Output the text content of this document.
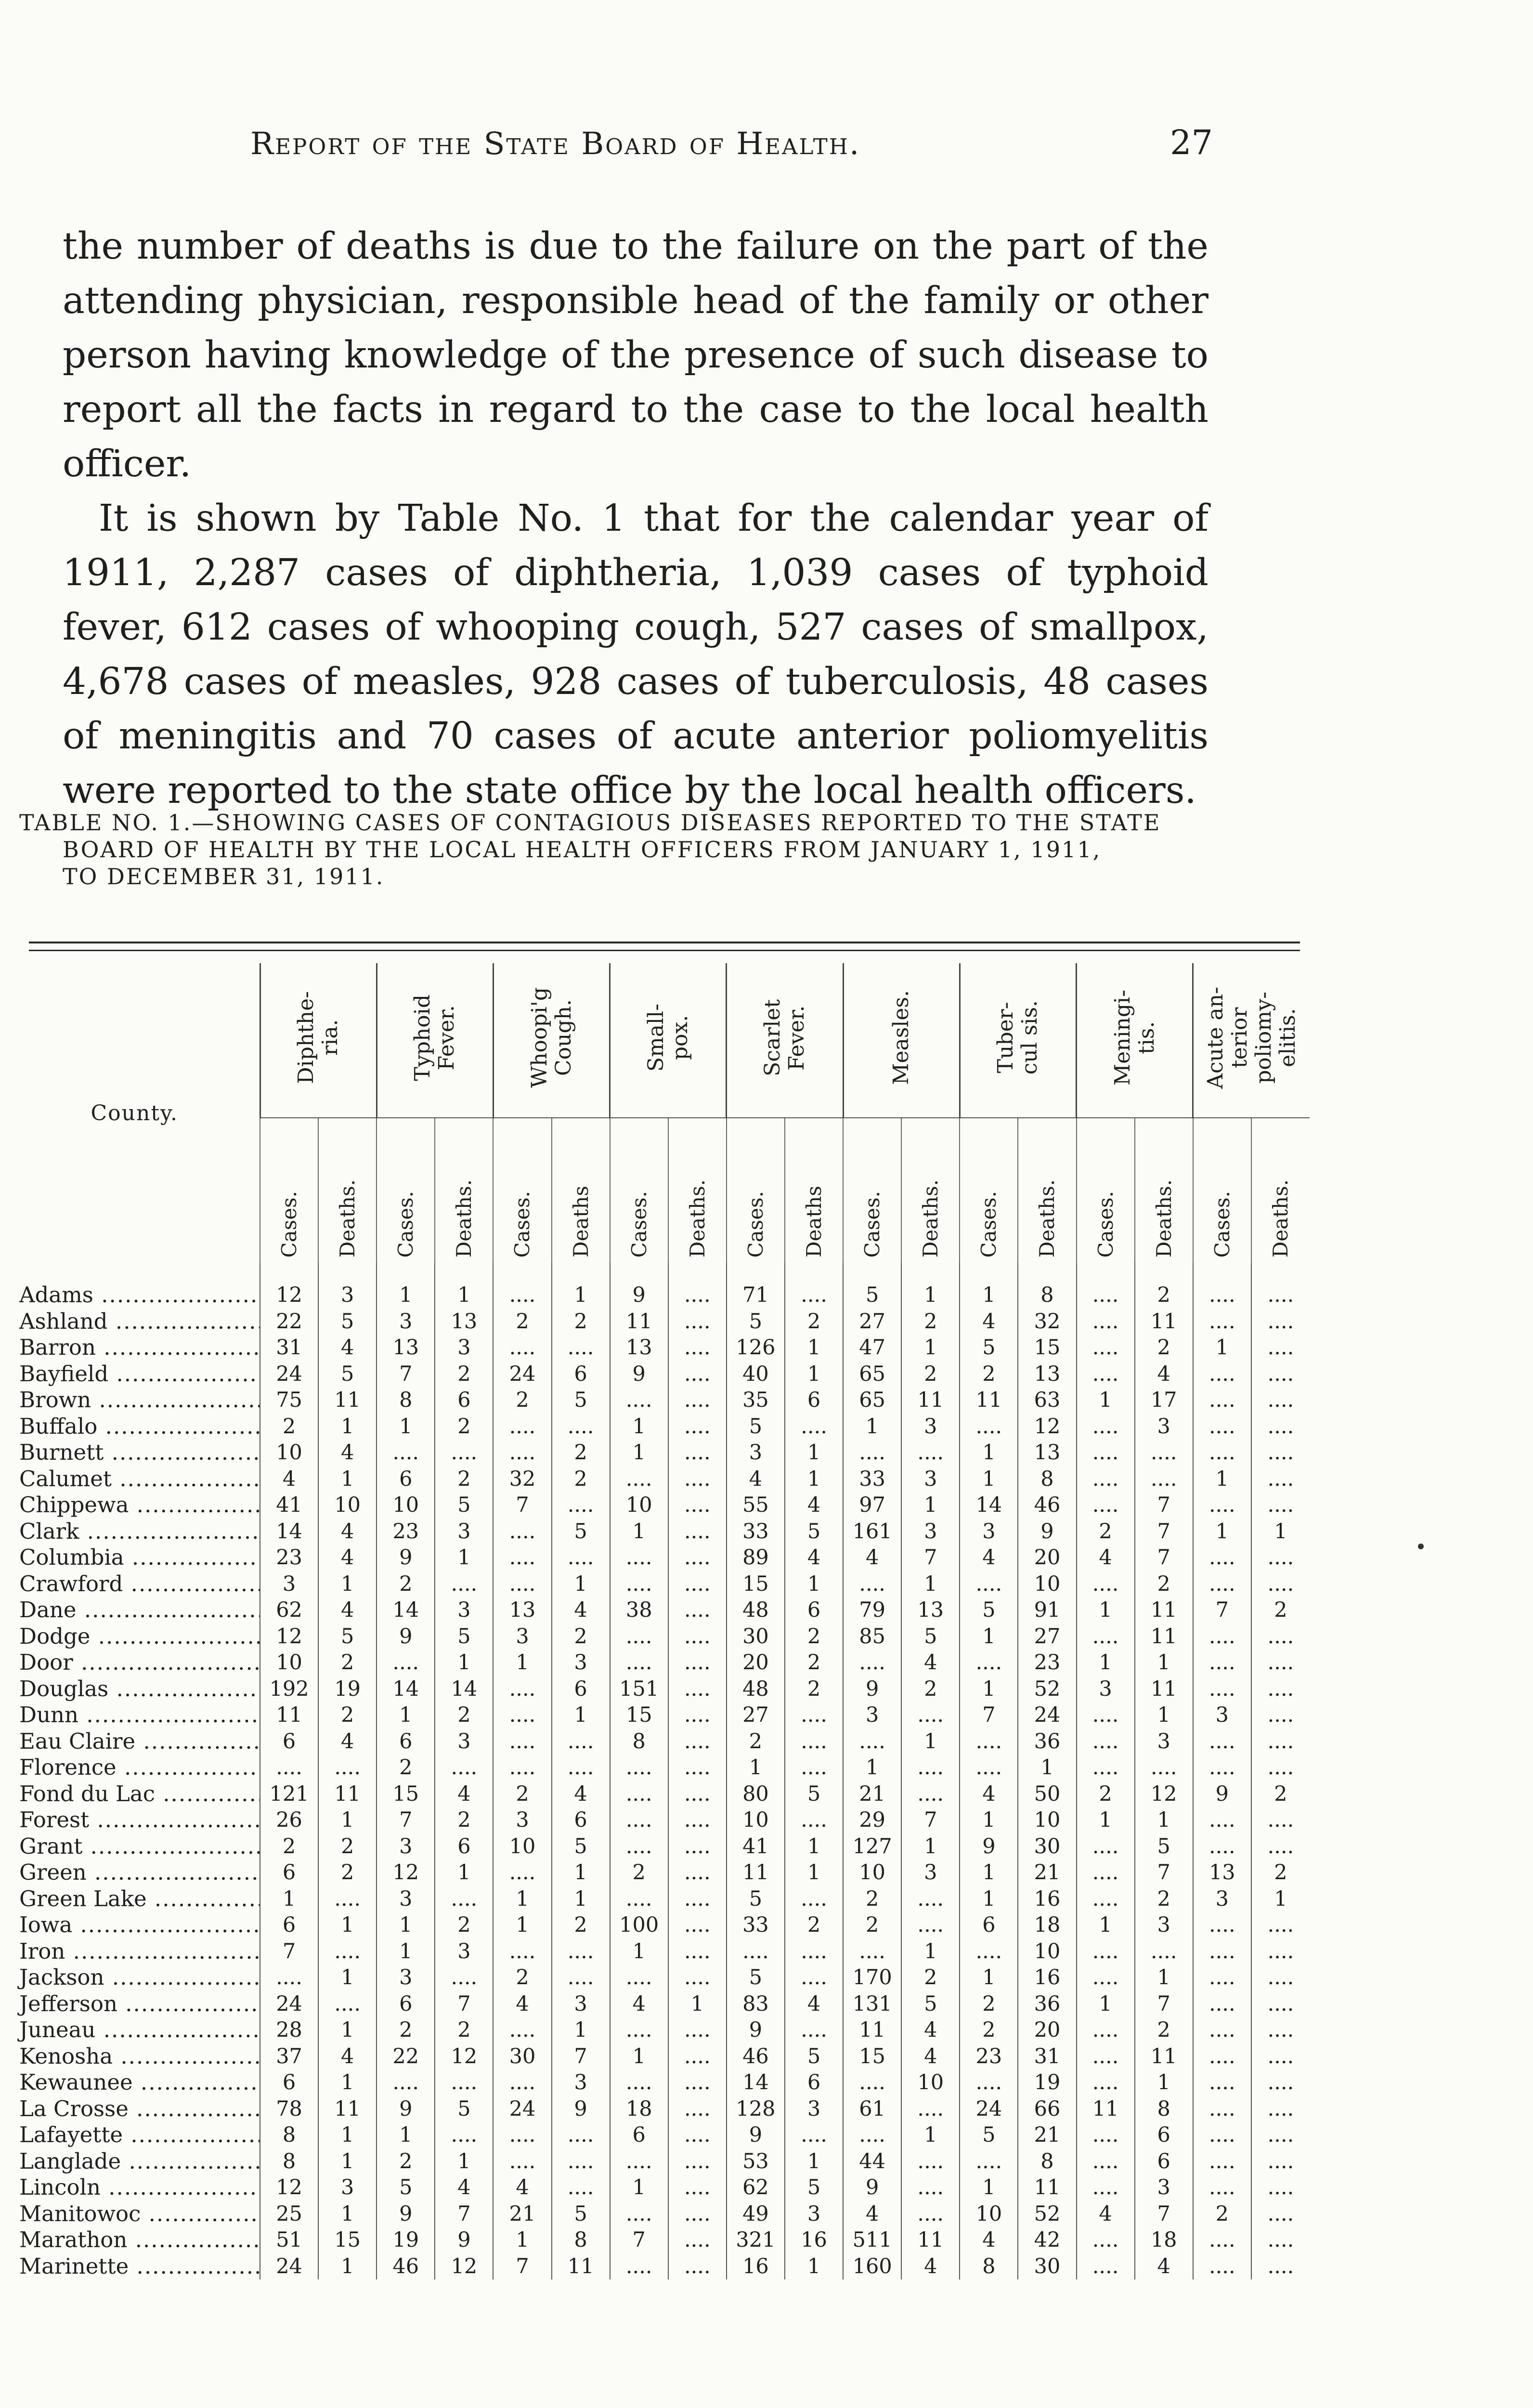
Report of the State Board of Health.	27

the number of deaths is due to the failure on the part of the attending physician, responsible head of the family or other person having knowledge of the presence of such disease to report all the facts in regard to the case to the local health officer.

It is shown by Table No. 1 that for the calendar year of 1911, 2,287 cases of diphtheria, 1,039 cases of typhoid fever, 612 cases of whooping cough, 527 cases of smallpox, 4,678 cases of measles, 928 cases of tuberculosis, 48 cases of meningitis and 70 cases of acute anterior poliomyelitis were reported to the state office by the local health officers.

TABLE NO. 1.—SHOWING CASES OF CONTAGIOUS DISEASES REPORTED TO THE STATE
BOARD OF HEALTH BY THE LOCAL HEALTH OFFICERS FROM JANUARY 1, 1911,
TO DECEMBER 31, 1911.
County.	Diphthe-
ria.		Typhoid
Fever.		Whoopi'g
Cough.		Small-
pox.		Scarlet
Fever.		Measles.		Tuber-
cul sis.		Meningi-
tis.		Acute an-
terior
poliomy-
elitis.	
	Cases.	Deaths.	Cases.	Deaths.	Cases.	Deaths	Cases.	Deaths.	Cases.	Deaths	Cases.	Deaths.	Cases.	Deaths.	Cases.	Deaths.	Cases.	Deaths.

Adams .....	12	3	1	1	....	1	9	....	71	....	5	1	1	8	....	2	....	....
Ashland .....	22	5	3	13	2	2	11	....	5	2	27	2	4	32	....	11	....	....
Barron .....	31	4	13	3	....	....	13	....	126	1	47	1	5	15	....	2	1	....
Bayfield .....	24	5	7	2	24	6	9	....	40	1	65	2	2	13	....	4	....	....
Brown .....	75	11	8	6	2	5	....	....	35	6	65	11	11	63	1	17	....	....
Buffalo .....	2	1	1	2	....	....	1	....	5	....	1	3	....	12	....	3	....	....
Burnett .....	10	4	....	....	....	2	1	....	3	1	....	....	1	13	....	....	....	....
Calumet .....	4	1	6	2	32	2	....	....	4	1	33	3	1	8	....	....	1	....
Chippewa .....	41	10	10	5	7	....	10	....	55	4	97	1	14	46	....	7	....	....
Clark .....	14	4	23	3	....	5	1	....	33	5	161	3	3	9	2	7	1	1
Columbia .....	23	4	9	1	....	....	....	....	89	4	4	7	4	20	4	7	....	....
Crawford .....	3	1	2	....	....	1	....	....	15	1	....	1	....	10	....	2	....	....
Dane .....	62	4	14	3	13	4	38	....	48	6	79	13	5	91	1	11	7	2
Dodge .....	12	5	9	5	3	2	....	....	30	2	85	5	1	27	....	11	....	....
Door .....	10	2	....	1	1	3	....	....	20	2	....	4	....	23	1	1	....	....
Douglas .....	192	19	14	14	....	6	151	....	48	2	9	2	1	52	3	11	....	....
Dunn .....	11	2	1	2	....	1	15	....	27	....	3	....	7	24	....	1	3	....
Eau Claire .....	6	4	6	3	....	....	8	....	2	....	....	1	....	36	....	3	....	....
Florence .....	....	....	2	....	....	....	....	....	1	....	1	....	....	1	....	....	....	....
Fond du Lac .....	121	11	15	4	2	4	....	....	80	5	21	....	4	50	2	12	9	2
Forest .....	26	1	7	2	3	6	....	....	10	....	29	7	1	10	1	1	....	....
Grant .....	2	2	3	6	10	5	....	....	41	1	127	1	9	30	....	5	....	....
Green .....	6	2	12	1	....	1	2	....	11	1	10	3	1	21	....	7	13	2
Green Lake .....	1	....	3	....	1	1	....	....	5	....	2	....	1	16	....	2	3	1
Iowa .....	6	1	1	2	1	2	100	....	33	2	2	....	6	18	1	3	....	....
Iron .....	7	....	1	3	....	....	1	....	....	....	....	1	....	10	....	....	....	....
Jackson .....	....	1	3	....	2	....	....	....	5	....	170	2	1	16	....	1	....	....
Jefferson .....	24	....	6	7	4	3	4	1	83	4	131	5	2	36	1	7	....	....
Juneau .....	28	1	2	2	....	1	....	....	9	....	11	4	2	20	....	2	....	....
Kenosha .....	37	4	22	12	30	7	1	....	46	5	15	4	23	31	....	11	....	....
Kewaunee .....	6	1	....	....	....	3	....	....	14	6	....	10	....	19	....	1	....	....
La Crosse .....	78	11	9	5	24	9	18	....	128	3	61	....	24	66	11	8	....	....
Lafayette .....	8	1	1	....	....	....	6	....	9	....	....	1	5	21	....	6	....	....
Langlade .....	8	1	2	1	....	....	....	....	53	1	44	....	....	8	....	6	....	....
Lincoln .....	12	3	5	4	4	....	1	....	62	5	9	....	1	11	....	3	....	....
Manitowoc .....	25	1	9	7	21	5	....	....	49	3	4	....	10	52	4	7	2	....
Marathon .....	51	15	19	9	1	8	7	....	321	16	511	11	4	42	....	18	....	....
Marinette .....	24	1	46	12	7	11	....	....	16	1	160	4	8	30	....	4	....	....
